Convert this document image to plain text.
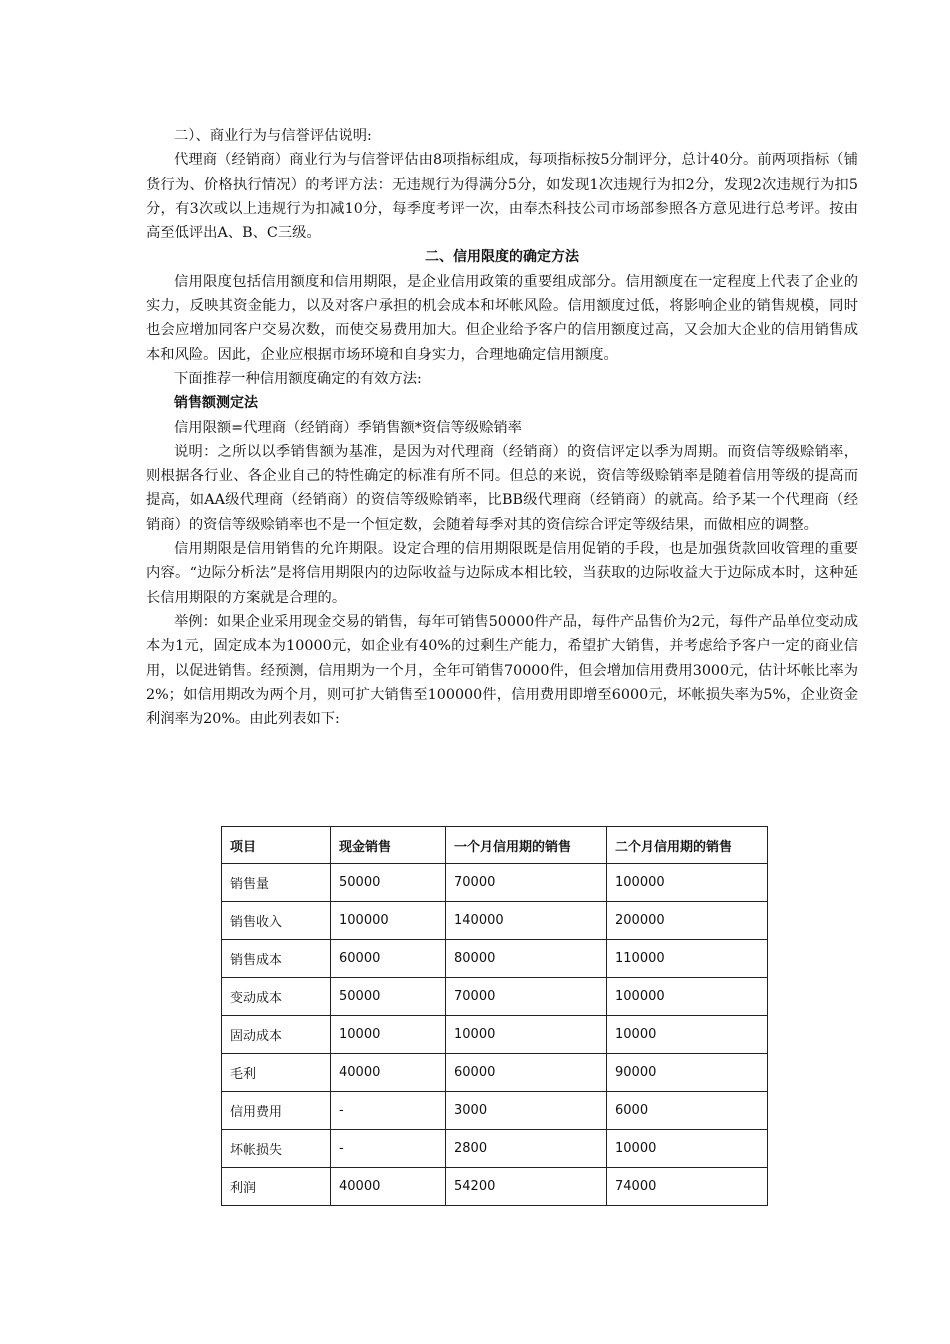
二）、商业行为与信誉评估说明:

代理商（经销商）商业行为与信誉评估由8项指标组成，每项指标按5分制评分，总计40分。前两项指标（铺货行为、价格执行情况）的考评方法：无违规行为得满分5分，如发现1次违规行为扣2分，发现2次违规行为扣5分，有3次或以上违规行为扣减10分，每季度考评一次，由奉杰科技公司市场部参照各方意见进行总考评。按由高至低评出A、B、C三级。

二、信用限度的确定方法

信用限度包括信用额度和信用期限，是企业信用政策的重要组成部分。信用额度在一定程度上代表了企业的实力，反映其资金能力，以及对客户承担的机会成本和坏帐风险。信用额度过低，将影响企业的销售规模，同时也会应增加同客户交易次数，而使交易费用加大。但企业给予客户的信用额度过高，又会加大企业的信用销售成本和风险。因此，企业应根据市场环境和自身实力，合理地确定信用额度。

下面推荐一种信用额度确定的有效方法:

销售额测定法

信用限额=代理商（经销商）季销售额*资信等级赊销率

说明：之所以以季销售额为基准，是因为对代理商（经销商）的资信评定以季为周期。而资信等级赊销率，则根据各行业、各企业自己的特性确定的标准有所不同。但总的来说，资信等级赊销率是随着信用等级的提高而提高，如AA级代理商（经销商）的资信等级赊销率，比BB级代理商（经销商）的就高。给予某一个代理商（经销商）的资信等级赊销率也不是一个恒定数，会随着每季对其的资信综合评定等级结果，而做相应的调整。

信用期限是信用销售的允许期限。设定合理的信用期限既是信用促销的手段，也是加强货款回收管理的重要内容。“边际分析法”是将信用期限内的边际收益与边际成本相比较，当获取的边际收益大于边际成本时，这种延长信用期限的方案就是合理的。

举例：如果企业采用现金交易的销售，每年可销售50000件产品，每件产品售价为2元，每件产品单位变动成本为1元，固定成本为10000元，如企业有40%的过剩生产能力，希望扩大销售，并考虑给予客户一定的商业信用，以促进销售。经预测，信用期为一个月，全年可销售70000件，但会增加信用费用3000元，估计坏帐比率为2%；如信用期改为两个月，则可扩大销售至100000件，信用费用即增至6000元，坏帐损失率为5%，企业资金利润率为20%。由此列表如下:

项目	现金销售	一个月信用期的销售	二个月信用期的销售
销售量	50000	70000	100000
销售收入	100000	140000	200000
销售成本	60000	80000	110000
变动成本	50000	70000	100000
固动成本	10000	10000	10000
毛利	40000	60000	90000
信用费用	-	3000	6000
坏帐损失	-	2800	10000
利润	40000	54200	74000
